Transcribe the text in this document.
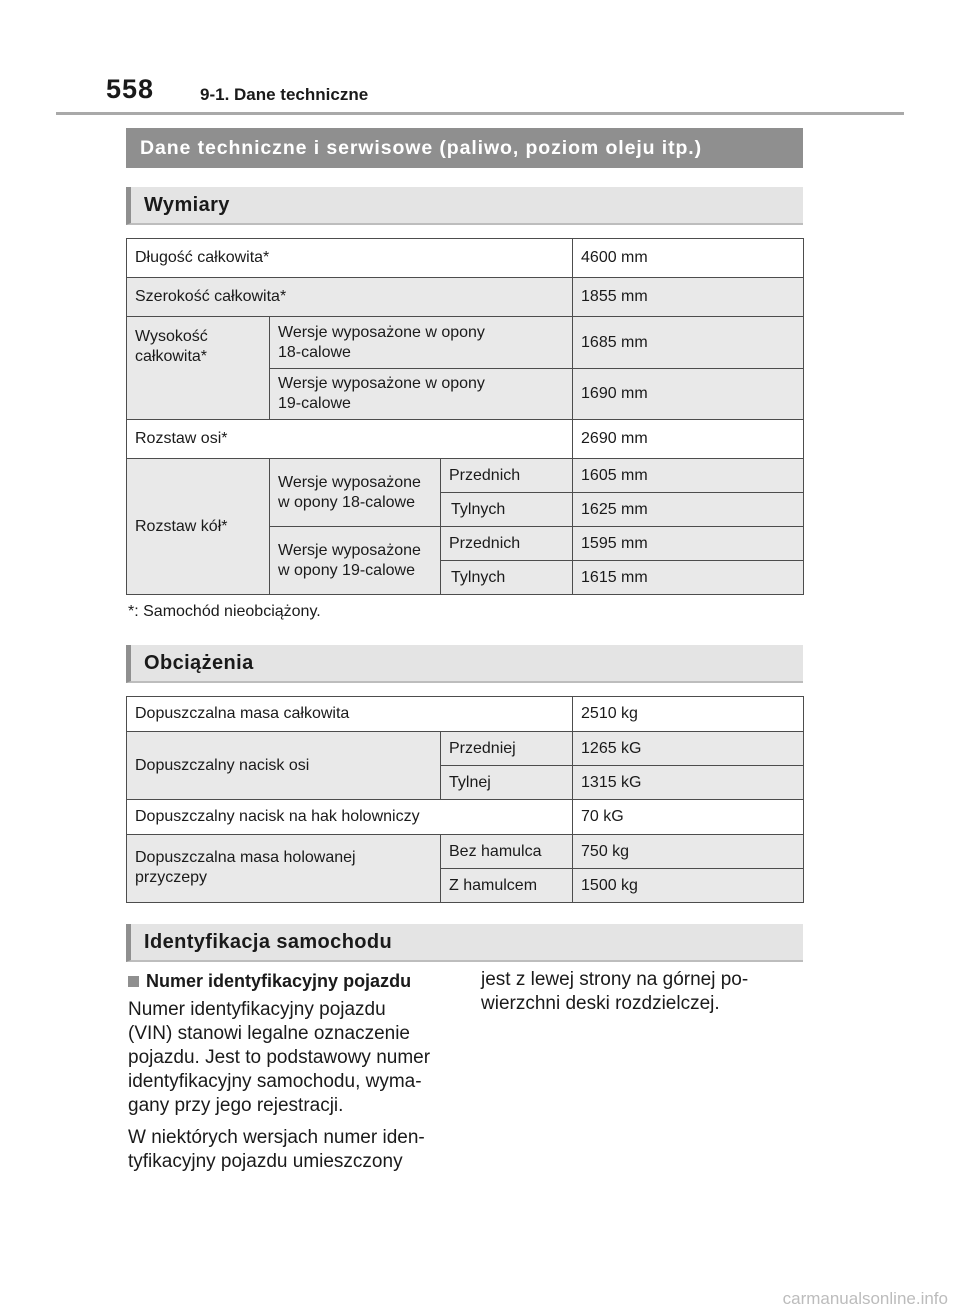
558	9-1. Dane techniczne
Dane techniczne i serwisowe (paliwo, poziom oleju itp.)
Wymiary
Długość całkowita*			4600 mm
Szerokość całkowita*			1855 mm
Wysokość
całkowita*	Wersje wyposażone w opony
18-calowe		1685 mm
	Wersje wyposażone w opony
19-calowe		1690 mm
Rozstaw osi*			2690 mm
Rozstaw kół*	Wersje wyposażone
w opony 18-calowe	Przednich	1605 mm
		Tylnych	1625 mm
	Wersje wyposażone
w opony 19-calowe	Przednich	1595 mm
		Tylnych	1615 mm
*: Samochód nieobciążony.
Obciążenia
Dopuszczalna masa całkowita		2510 kg
Dopuszczalny nacisk osi	Przedniej	1265 kG
	Tylnej	1315 kG
Dopuszczalny nacisk na hak holowniczy		70 kG
Dopuszczalna masa holowanej
przyczepy	Bez hamulca	750 kg
	Z hamulcem	1500 kg
Identyfikacja samochodu
Numer identyfikacyjny pojazdu

Numer identyfikacyjny pojazdu
(VIN) stanowi legalne oznaczenie
pojazdu. Jest to podstawowy numer
identyfikacyjny samochodu, wyma-
gany przy jego rejestracji.

W niektórych wersjach numer iden-
tyfikacyjny pojazdu umieszczony

jest z lewej strony na górnej po-
wierzchni deski rozdzielczej.

carmanualsonline.info
